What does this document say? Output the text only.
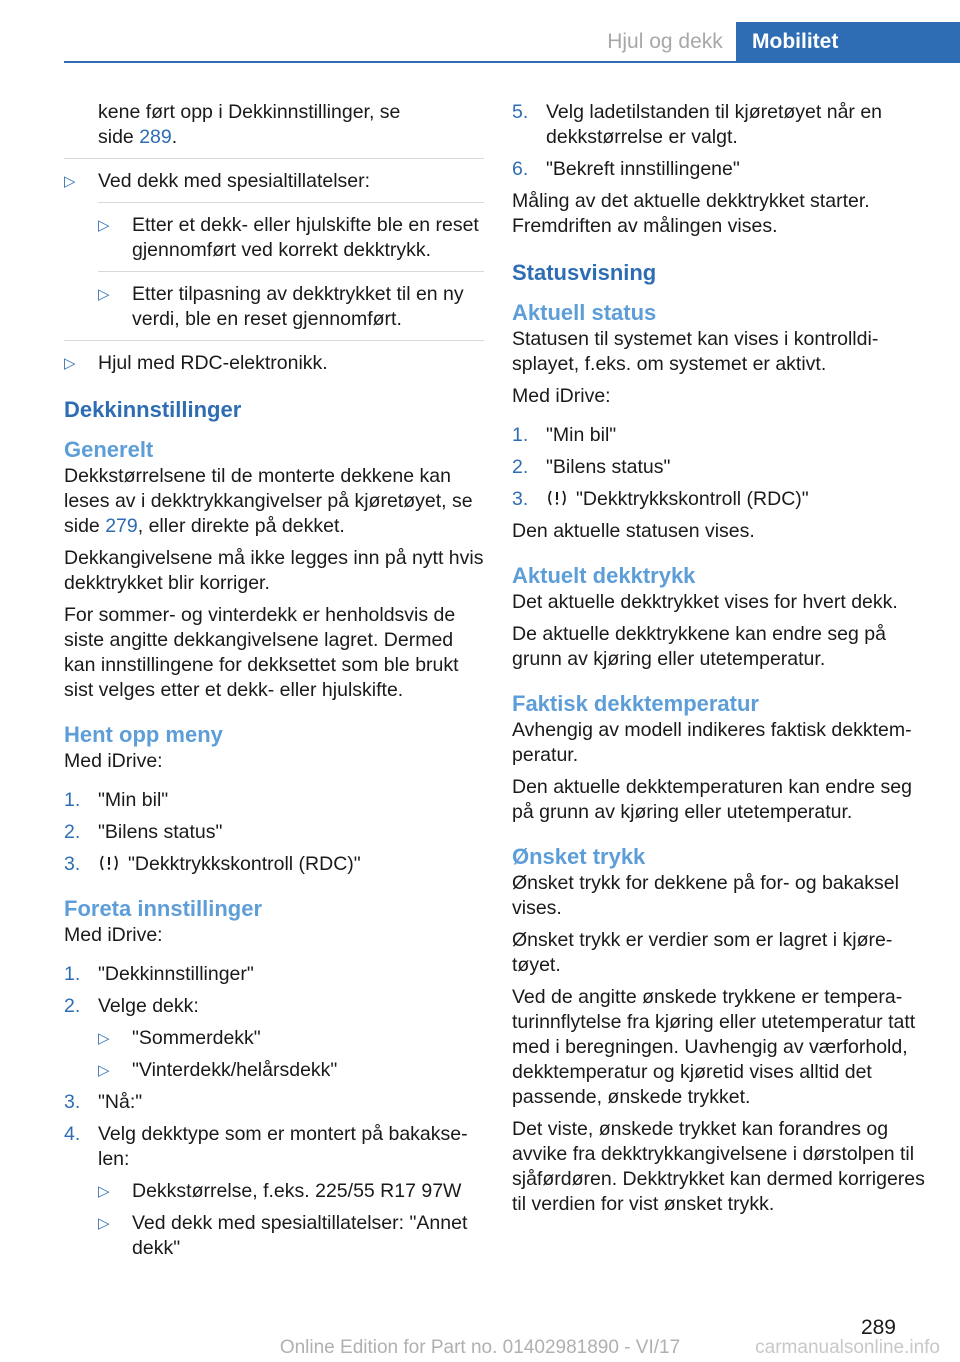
Hjul og dekk	Mobilitet
kene ført opp i Dekkinnstillinger, se
side 289.
▷ Ved dekk med spesialtillatelser:
▷ Etter et dekk- eller hjulskifte ble en reset gjennomført ved korrekt dekktrykk.
▷ Etter tilpasning av dekktrykket til en ny verdi, ble en reset gjennomført.
▷ Hjul med RDC-elektronikk.
Dekkinnstillinger
Generelt

Dekkstørrelsene til de monterte dekkene kan leses av i dekktrykkangivelser på kjøretøyet, se side 279, eller direkte på dekket.

Dekkangivelsene må ikke legges inn på nytt hvis dekktrykket blir korriger.

For sommer- og vinterdekk er henholdsvis de siste angitte dekkangivelsene lagret. Dermed kan innstillingene for dekksettet som ble brukt sist velges etter et dekk- eller hjulskifte.

Hent opp meny

Med iDrive:

1. "Min bil"
2. "Bilens status"
3. "Dekktrykkskontroll (RDC)"
Foreta innstillinger

Med iDrive:

1. "Dekkinnstillinger"
2. Velge dekk:
▷ "Sommerdekk"
▷ "Vinterdekk/helårsdekk"
3. "Nå:"
4. Velg dekktype som er montert på bakakselen:
▷ Dekkstørrelse, f.eks. 225/55 R17 97W
▷ Ved dekk med spesialtillatelser: "Annet dekk"
5. Velg ladetilstanden til kjøretøyet når en dekkstørrelse er valgt.
6. "Bekreft innstillingene"

Måling av det aktuelle dekktrykket starter. Fremdriften av målingen vises.

Statusvisning
Aktuell status

Statusen til systemet kan vises i kontrolldisplayet, f.eks. om systemet er aktivt.

Med iDrive:

1. "Min bil"
2. "Bilens status"
3. "Dekktrykkskontroll (RDC)"

Den aktuelle statusen vises.

Aktuelt dekktrykk

Det aktuelle dekktrykket vises for hvert dekk.

De aktuelle dekktrykkene kan endre seg på grunn av kjøring eller utetemperatur.

Faktisk dekktemperatur

Avhengig av modell indikeres faktisk dekktemperatur.

Den aktuelle dekktemperaturen kan endre seg på grunn av kjøring eller utetemperatur.

Ønsket trykk

Ønsket trykk for dekkene på for- og bakaksel vises.

Ønsket trykk er verdier som er lagret i kjøretøyet.

Ved de angitte ønskede trykkene er temperaturinnflytelse fra kjøring eller utetemperatur tatt med i beregningen. Uavhengig av værforhold, dekktemperatur og kjøretid vises alltid det passende, ønskede trykket.

Det viste, ønskede trykket kan forandres og avvike fra dekktrykkangivelsene i dørstolpen til sjåførdøren. Dekktrykket kan dermed korrigeres til verdien for vist ønsket trykk.

289
Online Edition for Part no. 01402981890 - VI/17	carmanualsonline.info
